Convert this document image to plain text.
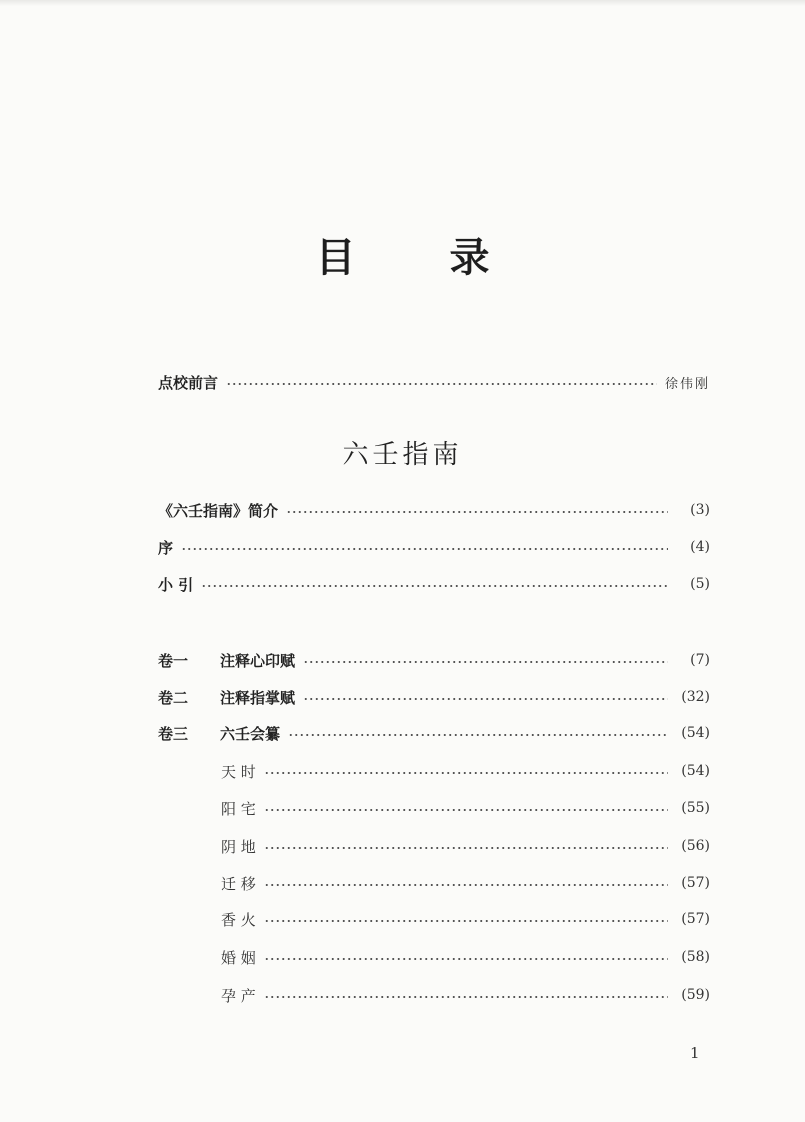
目 录
点校前言	徐伟刚
六壬指南
《六壬指南》简介	(3)
序	(4)
小 引	(5)
卷一	注释心印赋	(7)
卷二	注释指掌赋	(32)
卷三	六壬会纂	(54)
天 时	(54)
阳 宅	(55)
阴 地	(56)
迁 移	(57)
香 火	(57)
婚 姻	(58)
孕 产	(59)
1
